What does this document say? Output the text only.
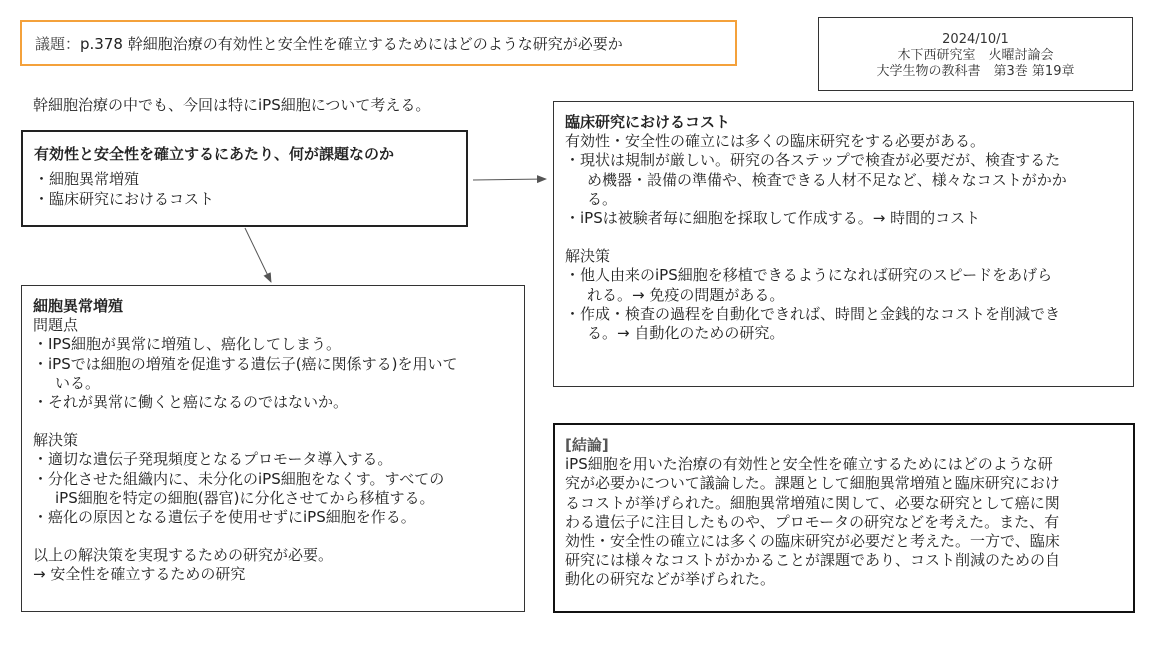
議題：p.378 幹細胞治療の有効性と安全性を確立するためにはどのような研究が必要か	2024/10/1
木下西研究室　火曜討論会
大学生物の教科書　第3巻 第19章
幹細胞治療の中でも、今回は特にiPS細胞について考える。
有効性と安全性を確立するにあたり、何が課題なのか
・細胞異常増殖
・臨床研究におけるコスト
細胞異常増殖
問題点
・IPS細胞が異常に増殖し、癌化してしまう。
・iPSでは細胞の増殖を促進する遺伝子(癌に関係する)を用いて
いる。
・それが異常に働くと癌になるのではないか。
解決策
・適切な遺伝子発現頻度となるプロモータ導入する。
・分化させた組織内に、未分化のiPS細胞をなくす。すべての
iPS細胞を特定の細胞(器官)に分化させてから移植する。
・癌化の原因となる遺伝子を使用せずにiPS細胞を作る。
以上の解決策を実現するための研究が必要。
→ 安全性を確立するための研究
臨床研究におけるコスト
有効性・安全性の確立には多くの臨床研究をする必要がある。
・現状は規制が厳しい。研究の各ステップで検査が必要だが、検査するた
め機器・設備の準備や、検査できる人材不足など、様々なコストがかか
る。
・iPSは被験者毎に細胞を採取して作成する。→ 時間的コスト
解決策
・他人由来のiPS細胞を移植できるようになれば研究のスピードをあげら
れる。→ 免疫の問題がある。
・作成・検査の過程を自動化できれば、時間と金銭的なコストを削減でき
る。→ 自動化のための研究。
[結論]
iPS細胞を用いた治療の有効性と安全性を確立するためにはどのような研
究が必要かについて議論した。課題として細胞異常増殖と臨床研究におけ
るコストが挙げられた。細胞異常増殖に関して、必要な研究として癌に関
わる遺伝子に注目したものや、プロモータの研究などを考えた。また、有
効性・安全性の確立には多くの臨床研究が必要だと考えた。一方で、臨床
研究には様々なコストがかかることが課題であり、コスト削減のための自
動化の研究などが挙げられた。
